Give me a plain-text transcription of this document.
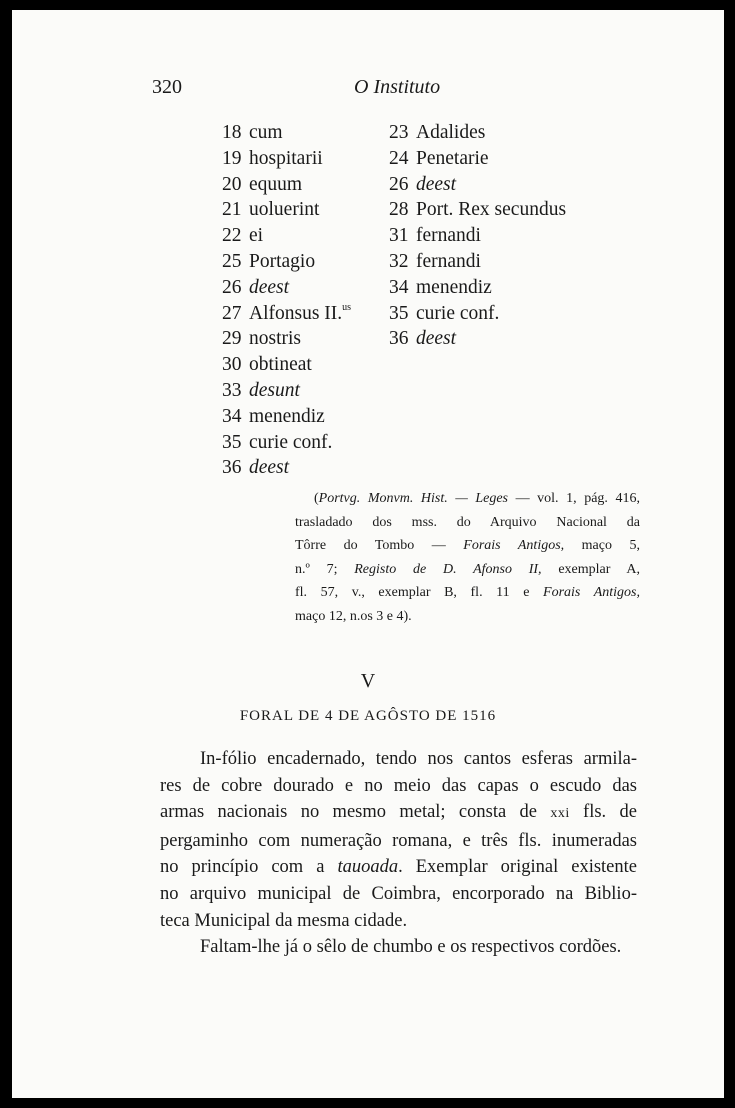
320	O Instituto
18 cum
19 hospitarii
20 equum
21 uoluerint
22 ei
25 Portagio
26 deest
27 Alfonsus II.$^{us}$
29 nostris
30 obtineat
33 desunt
34 menendiz
35 curie conf.
36 deest
23 Adalides
24 Penetarie
26 deest
28 Port. Rex secundus
31 fernandi
32 fernandi
34 menendiz
35 curie conf.
36 deest
(Portvg. Monvm. Hist. — Leges — vol. 1, pág. 416,
trasladado dos mss. do Arquivo Nacional da
Tôrre do Tombo — Forais Antigos, maço 5,
n.º 7; Registo de D. Afonso II, exemplar A,
fl. 57, v., exemplar B, fl. 11 e Forais Antigos,
maço 12, n.os 3 e 4).
V
FORAL DE 4 DE AGÔSTO DE 1516
In-fólio encadernado, tendo nos cantos esferas armila-
res de cobre dourado e no meio das capas o escudo das
armas nacionais no mesmo metal; consta de xxi fls. de
pergaminho com numeração romana, e três fls. inumeradas
no princípio com a tauoada. Exemplar original existente
no arquivo municipal de Coimbra, encorporado na Biblio-
teca Municipal da mesma cidade.
Faltam-lhe já o sêlo de chumbo e os respectivos cordões.
